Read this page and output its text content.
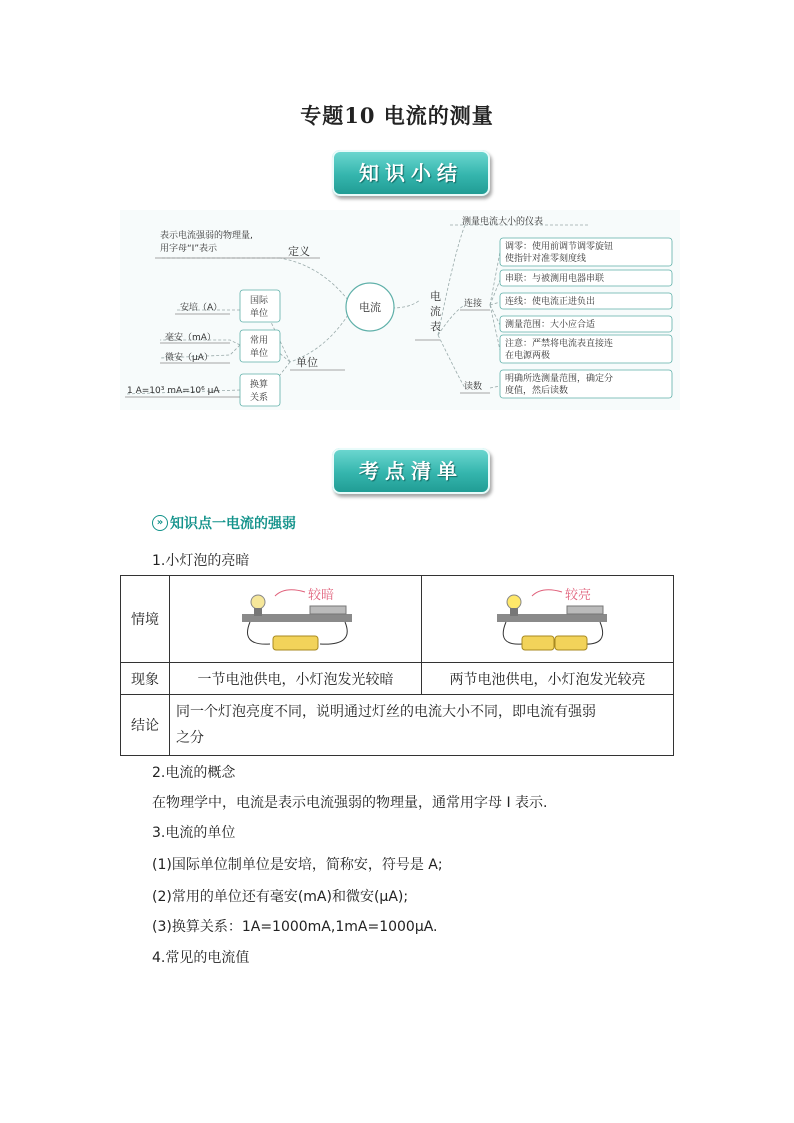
专题10 电流的测量
知识小结
电流
电 流 表
表示电流强弱的物理量,
用字母“I”表示	定义
单位
国际
单位
常用
单位
换算
关系
安培（A）
毫安（mA）
微安（μA）
1 A=10³ mA=10⁶ μA
测量电流大小的仪表
连接
读数
调零：使用前调节调零旋钮
使指针对准零刻度线
串联：与被测用电器串联
连线：使电流正进负出
测量范围：大小应合适
注意：严禁将电流表直接连
在电源两极
明确所选测量范围，确定分
度值，然后读数
考点清单
» 知识点一电流的强弱
1.小灯泡的亮暗
情境	较暗	较亮

现象	一节电池供电，小灯泡发光较暗	两节电池供电，小灯泡发光较亮
结论	同一个灯泡亮度不同，说明通过灯丝的电流大小不同，即电流有强弱
之分	
2.电流的概念
在物理学中，电流是表示电流强弱的物理量，通常用字母 I 表示.
3.电流的单位
(1)国际单位制单位是安培，简称安，符号是 A;
(2)常用的单位还有毫安(mA)和微安(μA);
(3)换算关系：1A=1000mA,1mA=1000μA.
4.常见的电流值
